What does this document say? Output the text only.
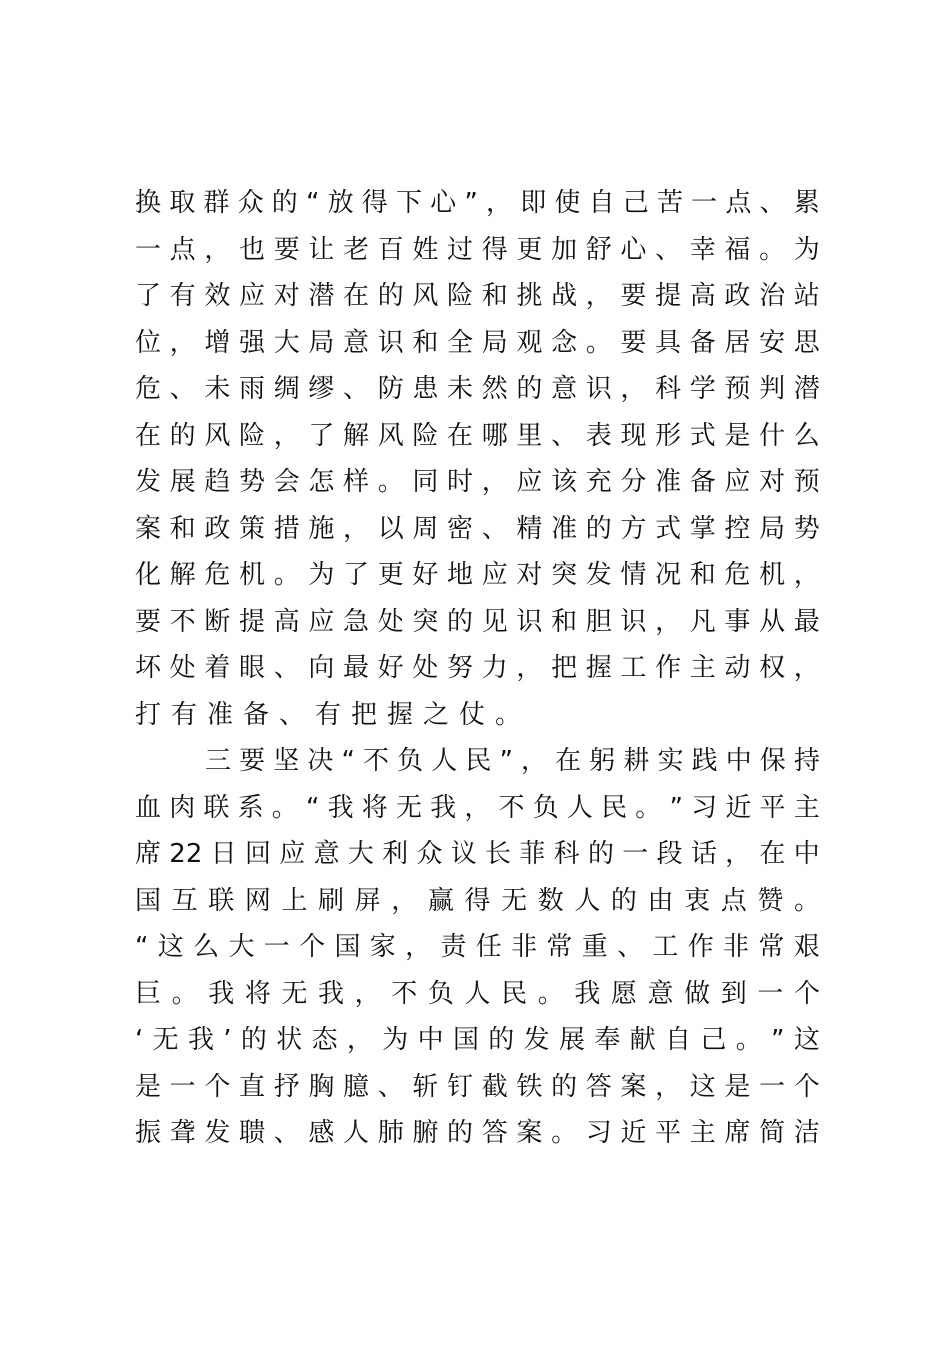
换 取 群 众 的 “ 放 得 下 心 ” ， 即 使 自 己 苦 一 点 、 累
一 点 ， 也 要 让 老 百 姓 过 得 更 加 舒 心 、 幸 福 。 为
了 有 效 应 对 潜 在 的 风 险 和 挑 战 ， 要 提 高 政 治 站
位 ， 增 强 大 局 意 识 和 全 局 观 念 。 要 具 备 居 安 思
危 、 未 雨 绸 缪 、 防 患 未 然 的 意 识 ， 科 学 预 判 潜
在 的 风 险 ， 了 解 风 险 在 哪 里 、 表 现 形 式 是 什 么
发 展 趋 势 会 怎 样 。 同 时 ， 应 该 充 分 准 备 应 对 预
案 和 政 策 措 施 ， 以 周 密 、 精 准 的 方 式 掌 控 局 势
化 解 危 机 。 为 了 更 好 地 应 对 突 发 情 况 和 危 机 ，
要 不 断 提 高 应 急 处 突 的 见 识 和 胆 识 ， 凡 事 从 最
坏 处 着 眼 、 向 最 好 处 努 力 ， 把 握 工 作 主 动 权 ，
打有准备、有把握之仗。
三 要 坚 决 “ 不 负 人 民 ” ， 在 躬 耕 实 践 中 保 持
血 肉 联 系 。 “ 我 将 无 我 ， 不 负 人 民 。 ” 习 近 平 主
席 22 日 回 应 意 大 利 众 议 长 菲 科 的 一 段 话 ， 在 中
国 互 联 网 上 刷 屏 ， 赢 得 无 数 人 的 由 衷 点 赞 。
“ 这 么 大 一 个 国 家 ， 责 任 非 常 重 、 工 作 非 常 艰
巨 。 我 将 无 我 ， 不 负 人 民 。 我 愿 意 做 到 一 个
‘ 无 我 ’ 的 状 态 ， 为 中 国 的 发 展 奉 献 自 己 。 ” 这
是 一 个 直 抒 胸 臆 、 斩 钉 截 铁 的 答 案 ， 这 是 一 个
振 聋 发 聩 、 感 人 肺 腑 的 答 案 。 习 近 平 主 席 简 洁
